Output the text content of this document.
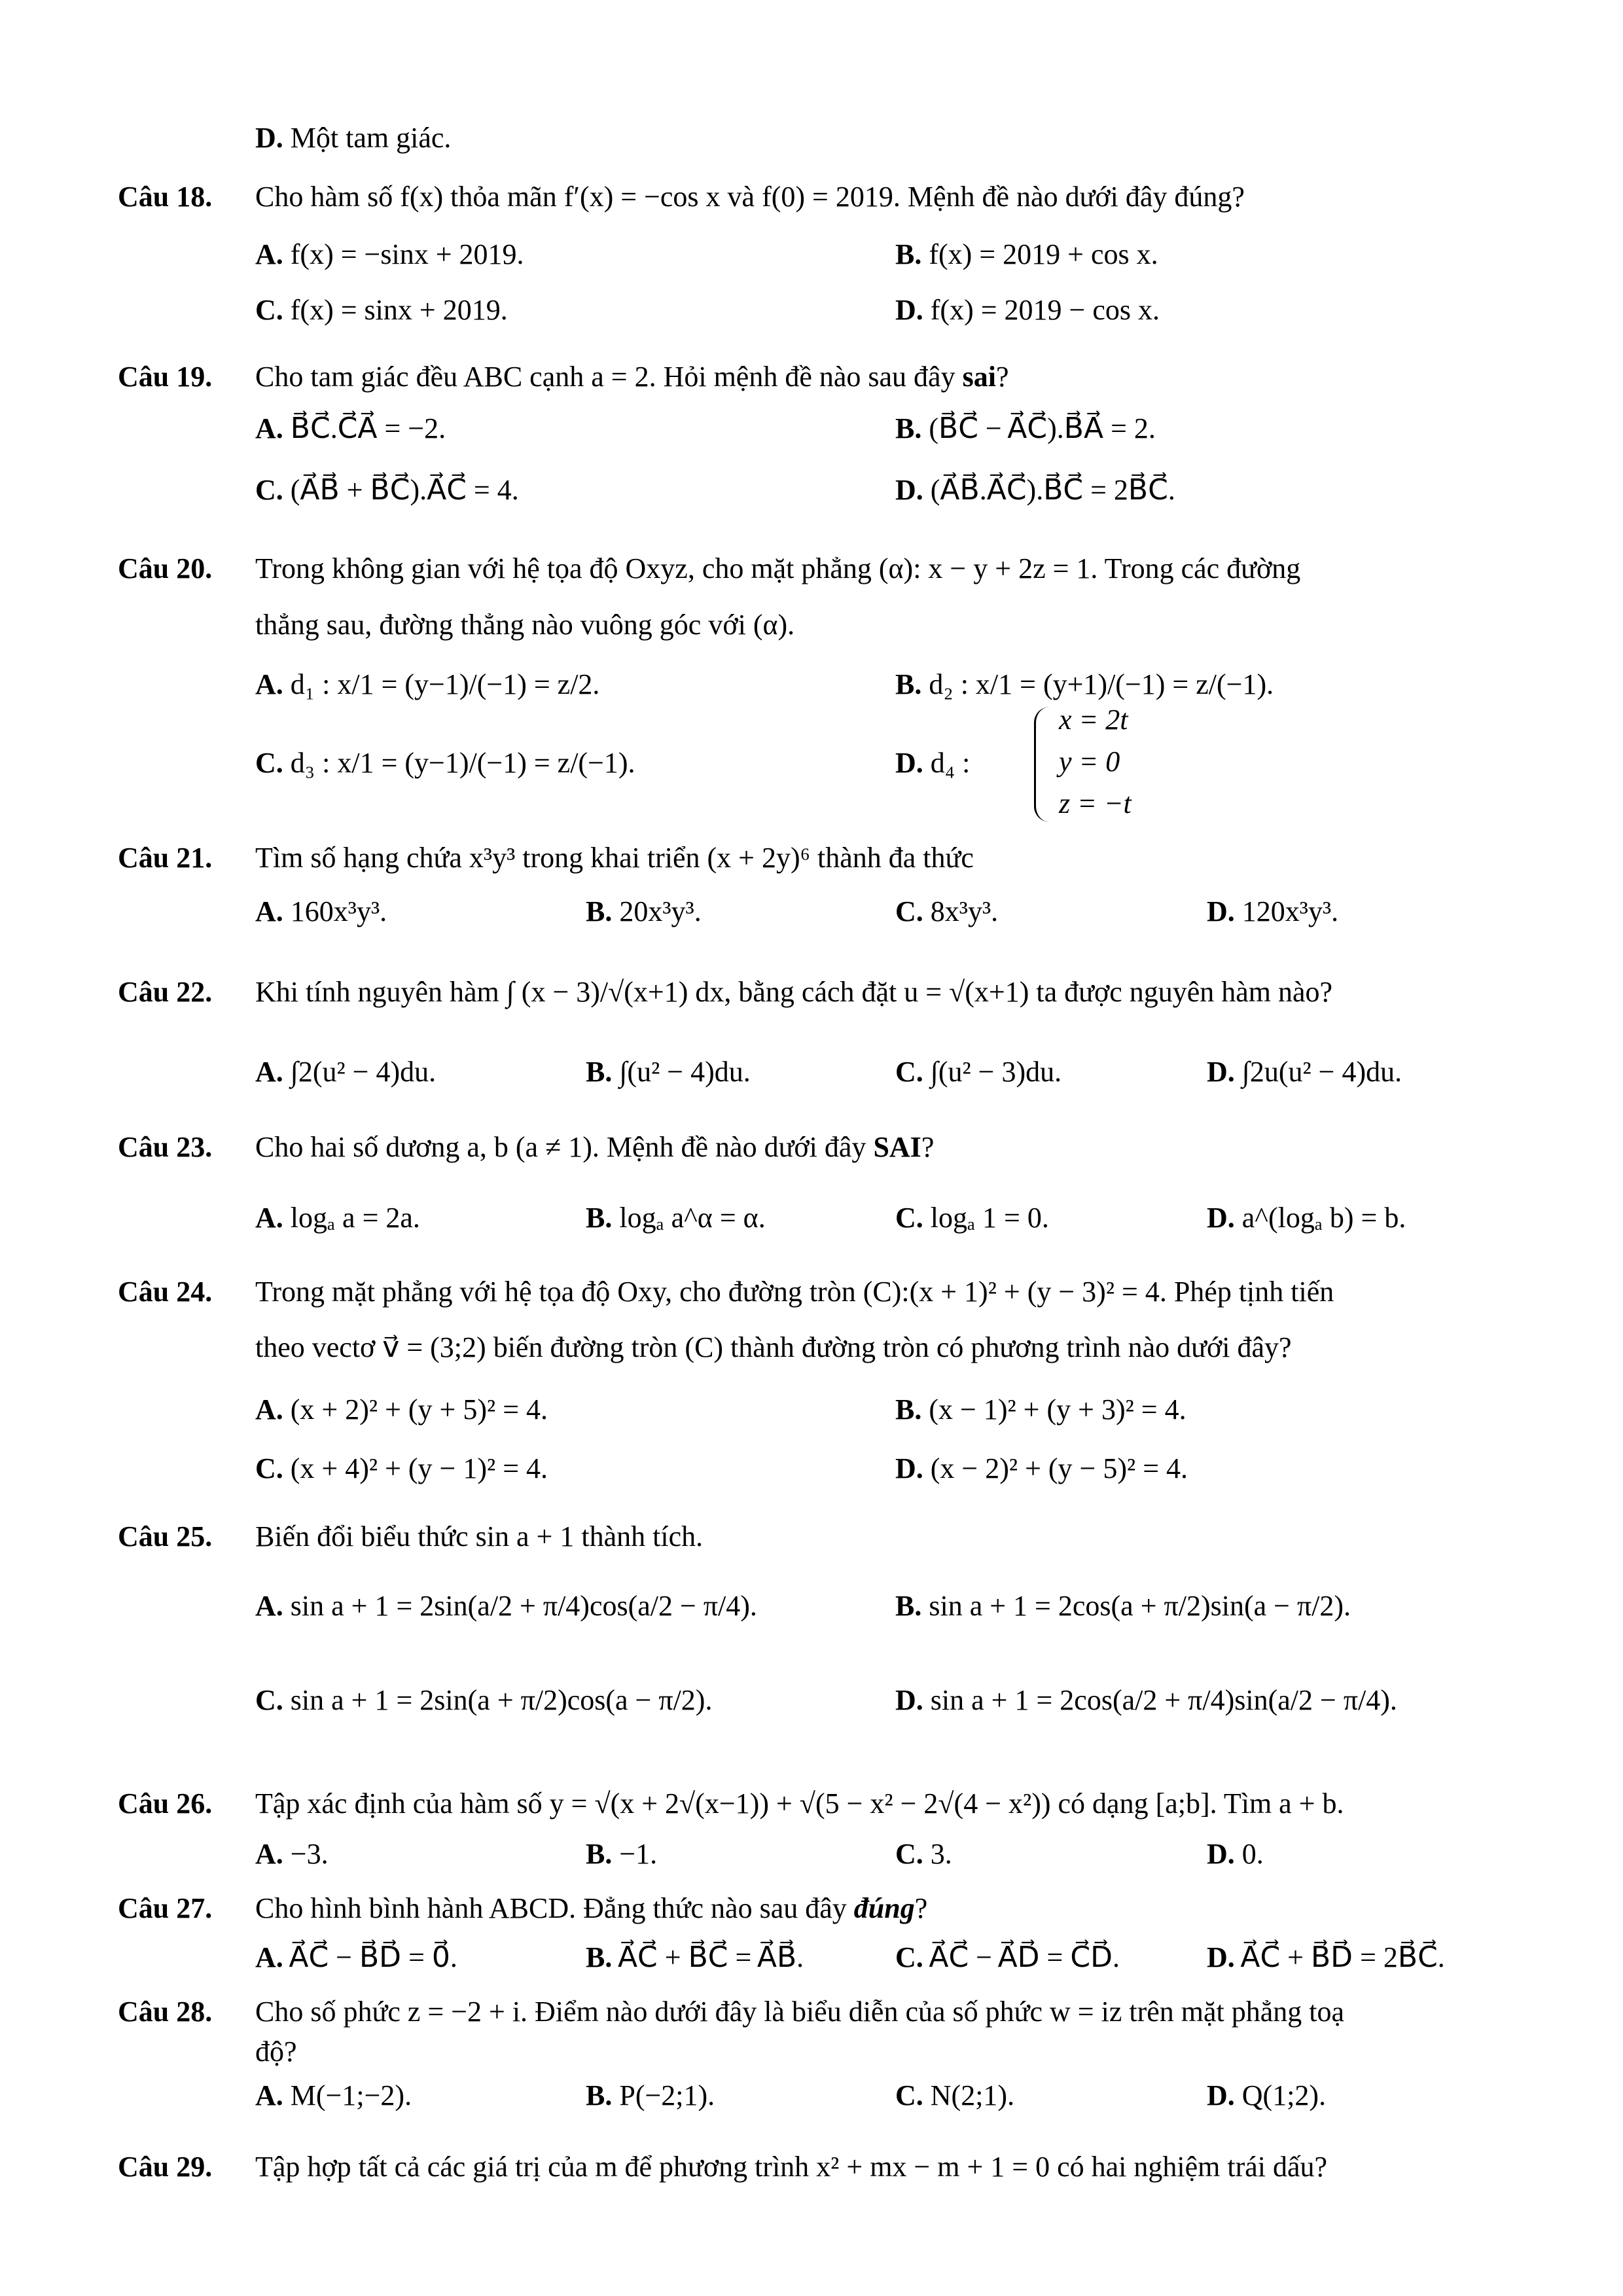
D. Một tam giác.
Câu 18. Cho hàm số f(x) thỏa mãn f′(x) = −cos x và f(0) = 2019. Mệnh đề nào dưới đây đúng?
A. f(x) = −sinx + 2019.	B. f(x) = 2019 + cos x.
C. f(x) = sinx + 2019.	D. f(x) = 2019 − cos x.
Câu 19. Cho tam giác đều ABC cạnh a = 2. Hỏi mệnh đề nào sau đây sai?
A. B⃗C⃗.C⃗A⃗ = −2.	B. (B⃗C⃗ − A⃗C⃗).B⃗A⃗ = 2.
C. (A⃗B⃗ + B⃗C⃗).A⃗C⃗ = 4.	D. (A⃗B⃗.A⃗C⃗).B⃗C⃗ = 2B⃗C⃗.
Câu 20. Trong không gian với hệ tọa độ Oxyz, cho mặt phẳng (α): x − y + 2z = 1. Trong các đường
thẳng sau, đường thẳng nào vuông góc với (α).
A. d₁ : x/1 = (y−1)/(−1) = z/2.	B. d₂ : x/1 = (y+1)/(−1) = z/(−1).
C. d₃ : x/1 = (y−1)/(−1) = z/(−1).	D. d₄ :
x = 2t
y = 0
z = −t
Câu 21. Tìm số hạng chứa x³y³ trong khai triển (x + 2y)⁶ thành đa thức
A. 160x³y³.	B. 20x³y³.	C. 8x³y³.	D. 120x³y³.
Câu 22. Khi tính nguyên hàm ∫ (x − 3)/√(x+1) dx, bằng cách đặt u = √(x+1) ta được nguyên hàm nào?
A. ∫2(u² − 4)du.	B. ∫(u² − 4)du.	C. ∫(u² − 3)du.	D. ∫2u(u² − 4)du.
Câu 23. Cho hai số dương a, b (a ≠ 1). Mệnh đề nào dưới đây SAI?
A. logₐ a = 2a.	B. logₐ a^α = α.	C. logₐ 1 = 0.	D. a^(logₐ b) = b.
Câu 24. Trong mặt phẳng với hệ tọa độ Oxy, cho đường tròn (C):(x + 1)² + (y − 3)² = 4. Phép tịnh tiến
theo vectơ v⃗ = (3;2) biến đường tròn (C) thành đường tròn có phương trình nào dưới đây?
A. (x + 2)² + (y + 5)² = 4.	B. (x − 1)² + (y + 3)² = 4.
C. (x + 4)² + (y − 1)² = 4.	D. (x − 2)² + (y − 5)² = 4.
Câu 25. Biến đổi biểu thức sin a + 1 thành tích.
A. sin a + 1 = 2sin(a/2 + π/4)cos(a/2 − π/4).	B. sin a + 1 = 2cos(a + π/2)sin(a − π/2).
C. sin a + 1 = 2sin(a + π/2)cos(a − π/2).	D. sin a + 1 = 2cos(a/2 + π/4)sin(a/2 − π/4).
Câu 26. Tập xác định của hàm số y = √(x + 2√(x−1)) + √(5 − x² − 2√(4 − x²)) có dạng [a;b]. Tìm a + b.
A. −3.	B. −1.	C. 3.	D. 0.
Câu 27. Cho hình bình hành ABCD. Đẳng thức nào sau đây đúng?
A. A⃗C⃗ − B⃗D⃗ = 0⃗.	B. A⃗C⃗ + B⃗C⃗ = A⃗B⃗.	C. A⃗C⃗ − A⃗D⃗ = C⃗D⃗.	D. A⃗C⃗ + B⃗D⃗ = 2B⃗C⃗.
Câu 28. Cho số phức z = −2 + i. Điểm nào dưới đây là biểu diễn của số phức w = iz trên mặt phẳng toạ
độ?
A. M(−1;−2).	B. P(−2;1).	C. N(2;1).	D. Q(1;2).
Câu 29. Tập hợp tất cả các giá trị của m để phương trình x² + mx − m + 1 = 0 có hai nghiệm trái dấu?
